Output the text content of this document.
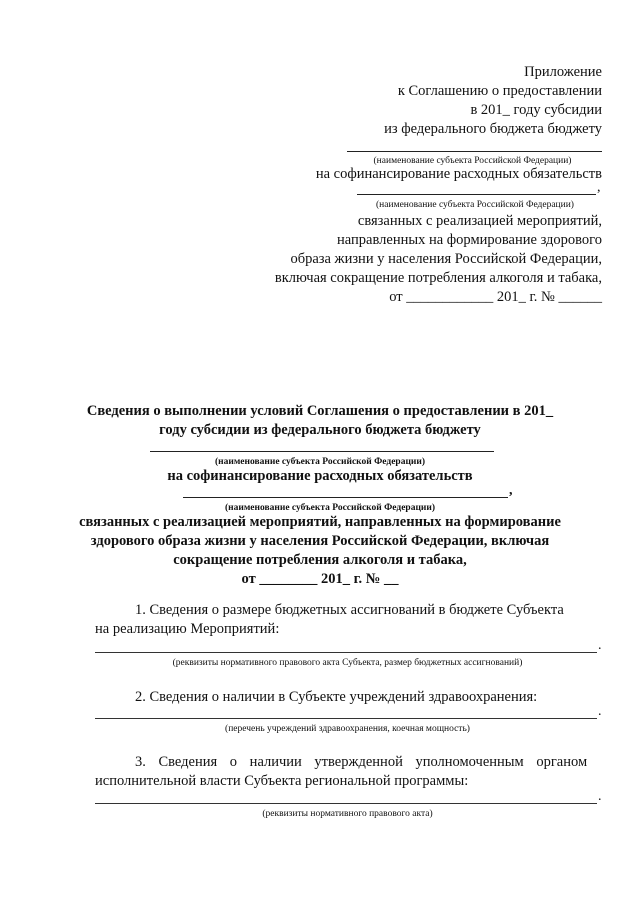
Приложение
к Соглашению о предоставлении
в 201_ году субсидии
из федерального бюджета бюджету
(наименование субъекта Российской Федерации)
на софинансирование расходных обязательств
,
(наименование субъекта Российской Федерации)
связанных с реализацией мероприятий,
направленных на формирование здорового
образа жизни у населения Российской Федерации,
включая сокращение потребления алкоголя и табака,
от ____________ 201_ г. № ______
Сведения о выполнении условий Соглашения о предоставлении в 201_
году субсидии из федерального бюджета бюджету
(наименование субъекта Российской Федерации)
на софинансирование расходных обязательств
,
(наименование субъекта Российской Федерации)
связанных с реализацией мероприятий, направленных на формирование
здорового образа жизни у населения Российской Федерации, включая
сокращение потребления алкоголя и табака,
от ________ 201_ г. № __
1. Сведения о размере бюджетных ассигнований в бюджете Субъекта
на реализацию Мероприятий:
.
(реквизиты нормативного правового акта Субъекта, размер бюджетных ассигнований)
2. Сведения о наличии в Субъекте учреждений здравоохранения:
.
(перечень учреждений здравоохранения, коечная мощность)
3. Сведения о наличии утвержденной уполномоченным органом
исполнительной власти Субъекта региональной программы:
.
(реквизиты нормативного правового акта)
